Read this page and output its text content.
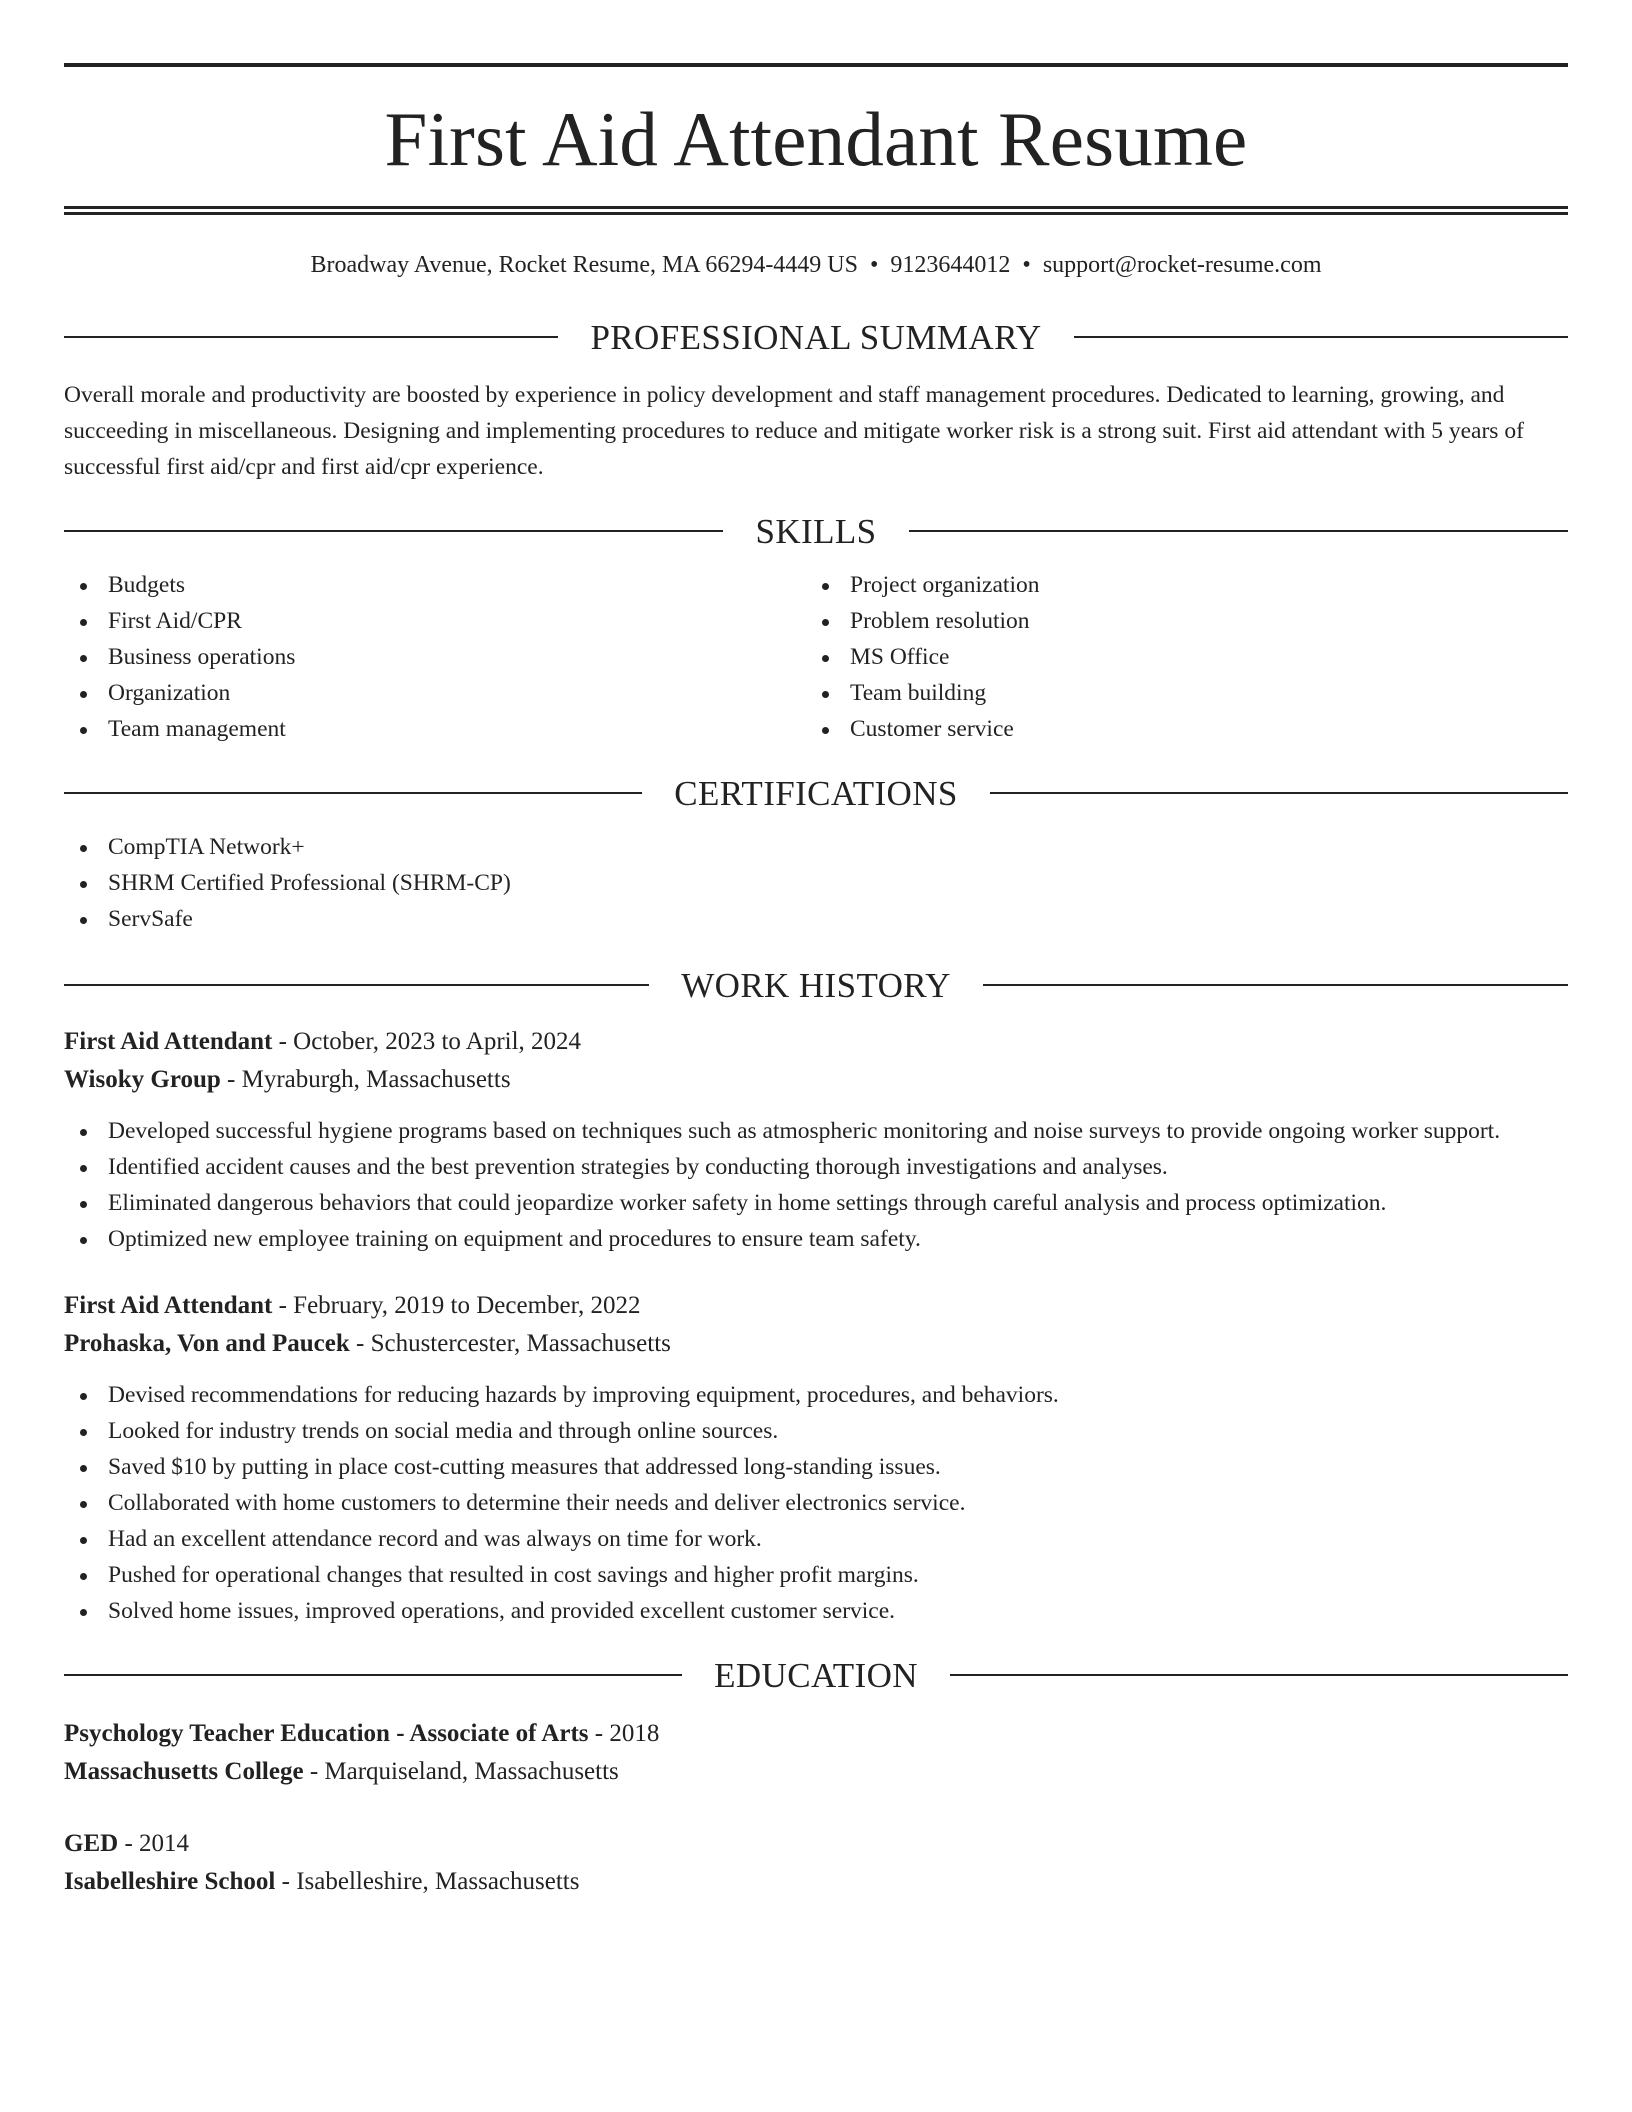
First Aid Attendant Resume
Broadway Avenue, Rocket Resume, MA 66294-4449 US • 9123644012 • support@rocket-resume.com
PROFESSIONAL SUMMARY

Overall morale and productivity are boosted by experience in policy development and staff management procedures. Dedicated to learning, growing, and succeeding in miscellaneous. Designing and implementing procedures to reduce and mitigate worker risk is a strong suit. First aid attendant with 5 years of successful first aid/cpr and first aid/cpr experience.

SKILLS
Budgets
First Aid/CPR
Business operations
Organization
Team management
Project organization
Problem resolution
MS Office
Team building
Customer service
CERTIFICATIONS
CompTIA Network+
SHRM Certified Professional (SHRM-CP)
ServSafe
WORK HISTORY
First Aid Attendant - October, 2023 to April, 2024
Wisoky Group - Myraburgh, Massachusetts
Developed successful hygiene programs based on techniques such as atmospheric monitoring and noise surveys to provide ongoing worker support.
Identified accident causes and the best prevention strategies by conducting thorough investigations and analyses.
Eliminated dangerous behaviors that could jeopardize worker safety in home settings through careful analysis and process optimization.
Optimized new employee training on equipment and procedures to ensure team safety.
First Aid Attendant - February, 2019 to December, 2022
Prohaska, Von and Paucek - Schustercester, Massachusetts
Devised recommendations for reducing hazards by improving equipment, procedures, and behaviors.
Looked for industry trends on social media and through online sources.
Saved $10 by putting in place cost-cutting measures that addressed long-standing issues.
Collaborated with home customers to determine their needs and deliver electronics service.
Had an excellent attendance record and was always on time for work.
Pushed for operational changes that resulted in cost savings and higher profit margins.
Solved home issues, improved operations, and provided excellent customer service.
EDUCATION
Psychology Teacher Education - Associate of Arts - 2018
Massachusetts College - Marquiseland, Massachusetts
GED - 2014
Isabelleshire School - Isabelleshire, Massachusetts
